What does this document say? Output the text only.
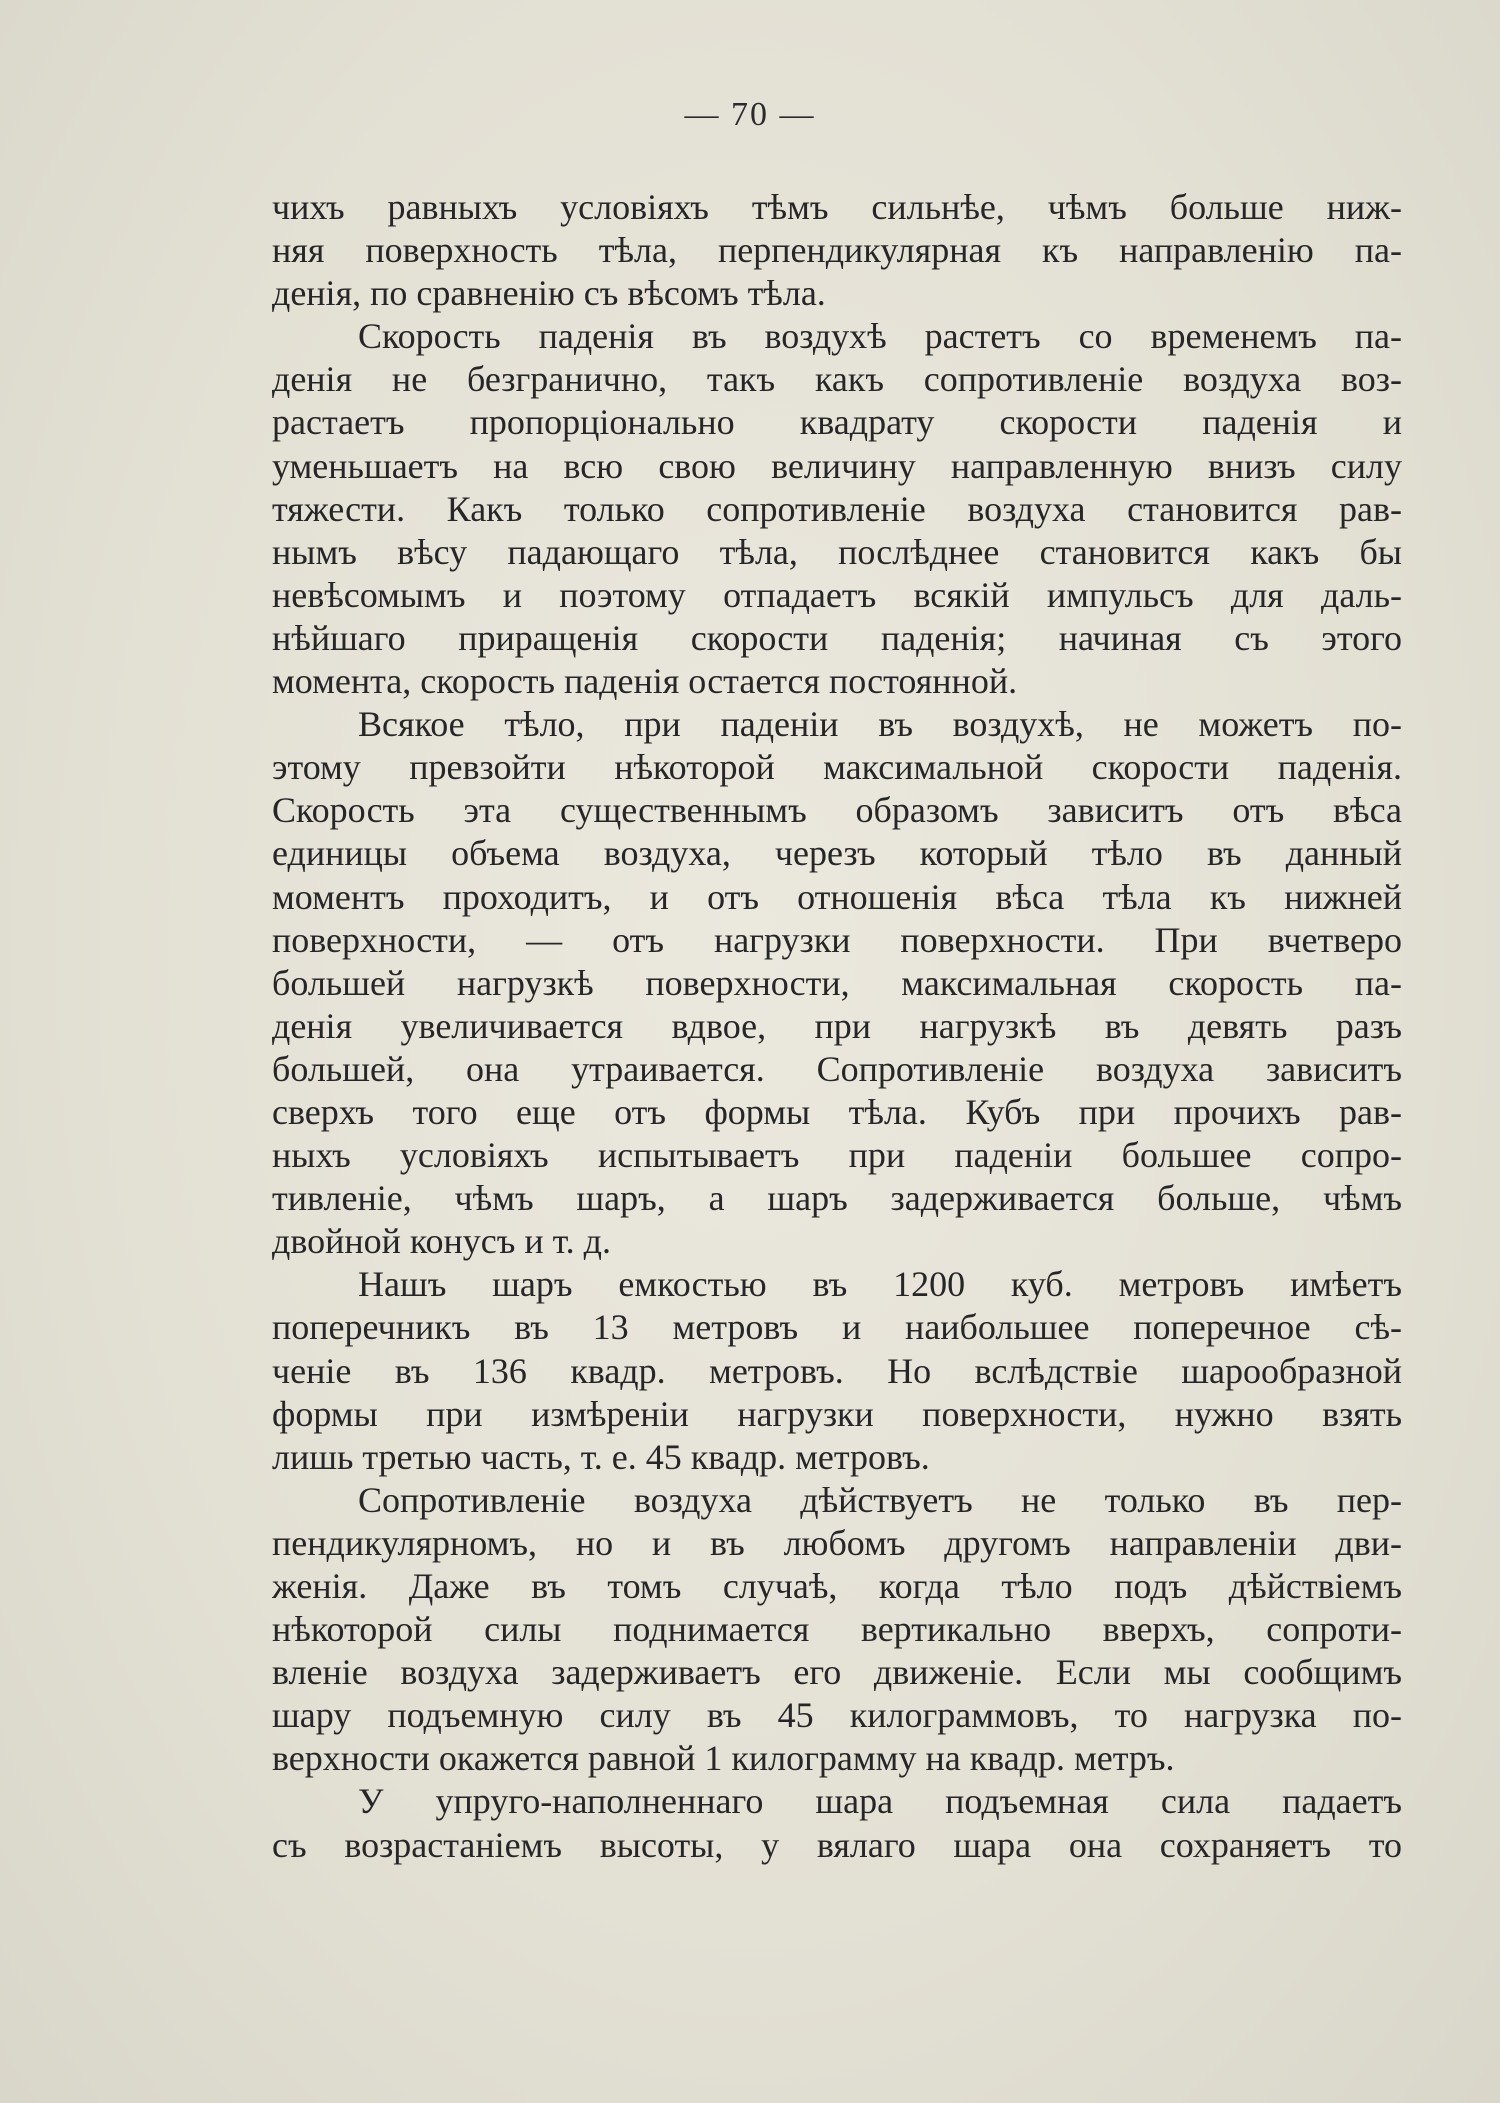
— 70 —
чихъ равныхъ условiяхъ тѣмъ сильнѣе, чѣмъ больше ниж-
няя поверхность тѣла, перпендикулярная къ направленiю па-
денiя, по сравненiю съ вѣсомъ тѣла.
Скорость паденiя въ воздухѣ растетъ со временемъ па-
денiя не безгранично, такъ какъ сопротивленiе воздуха воз-
растаетъ пропорцiонально квадрату скорости паденiя и
уменьшаетъ на всю свою величину направленную внизъ силу
тяжести. Какъ только сопротивленiе воздуха становится рав-
нымъ вѣсу падающаго тѣла, послѣднее становится какъ бы
невѣсомымъ и поэтому отпадаетъ всякiй импульсъ для даль-
нѣйшаго приращенiя скорости паденiя; начиная съ этого
момента, скорость паденiя остается постоянной.
Всякое тѣло, при паденiи въ воздухѣ, не можетъ по-
этому превзойти нѣкоторой максимальной скорости паденiя.
Скорость эта существеннымъ образомъ зависитъ отъ вѣса
единицы объема воздуха, черезъ который тѣло въ данный
моментъ проходитъ, и отъ отношенiя вѣса тѣла къ нижней
поверхности, — отъ нагрузки поверхности. При вчетверо
большей нагрузкѣ поверхности, максимальная скорость па-
денiя увеличивается вдвое, при нагрузкѣ въ девять разъ
большей, она утраивается. Сопротивленiе воздуха зависитъ
сверхъ того еще отъ формы тѣла. Кубъ при прочихъ рав-
ныхъ условiяхъ испытываетъ при паденiи большее сопро-
тивленiе, чѣмъ шаръ, а шаръ задерживается больше, чѣмъ
двойной конусъ и т. д.
Нашъ шаръ емкостью въ 1200 куб. метровъ имѣетъ
поперечникъ въ 13 метровъ и наибольшее поперечное сѣ-
ченiе въ 136 квадр. метровъ. Но вслѣдствiе шарообразной
формы при измѣренiи нагрузки поверхности, нужно взять
лишь третью часть, т. е. 45 квадр. метровъ.
Сопротивленiе воздуха дѣйствуетъ не только въ пер-
пендикулярномъ, но и въ любомъ другомъ направленiи дви-
женiя. Даже въ томъ случаѣ, когда тѣло подъ дѣйствiемъ
нѣкоторой силы поднимается вертикально вверхъ, сопроти-
вленiе воздуха задерживаетъ его движенiе. Если мы сообщимъ
шару подъемную силу въ 45 килограммовъ, то нагрузка по-
верхности окажется равной 1 килограмму на квадр. метръ.
У упруго-наполненнаго шара подъемная сила падаетъ
съ возрастанiемъ высоты, у вялаго шара она сохраняетъ то
